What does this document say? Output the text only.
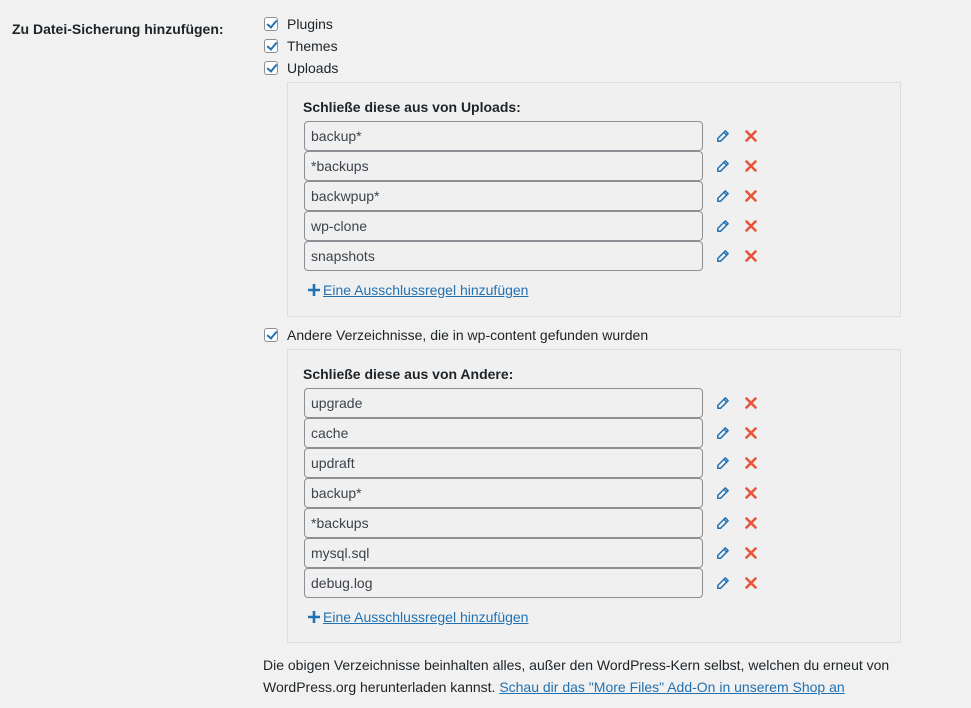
Zu Datei-Sicherung hinzufügen:	Plugins
Themes
Uploads
Schließe diese aus von Uploads:
backup*
*backups
backwpup*
wp-clone
snapshots
Eine Ausschlussregel hinzufügen
Andere Verzeichnisse, die in wp-content gefunden wurden
Schließe diese aus von Andere:
upgrade
cache
updraft
backup*
*backups
mysql.sql
debug.log
Eine Ausschlussregel hinzufügen
Die obigen Verzeichnisse beinhalten alles, außer den WordPress-Kern selbst, welchen du erneut von WordPress.org herunterladen kannst. Schau dir das "More Files" Add-On in unserem Shop an
